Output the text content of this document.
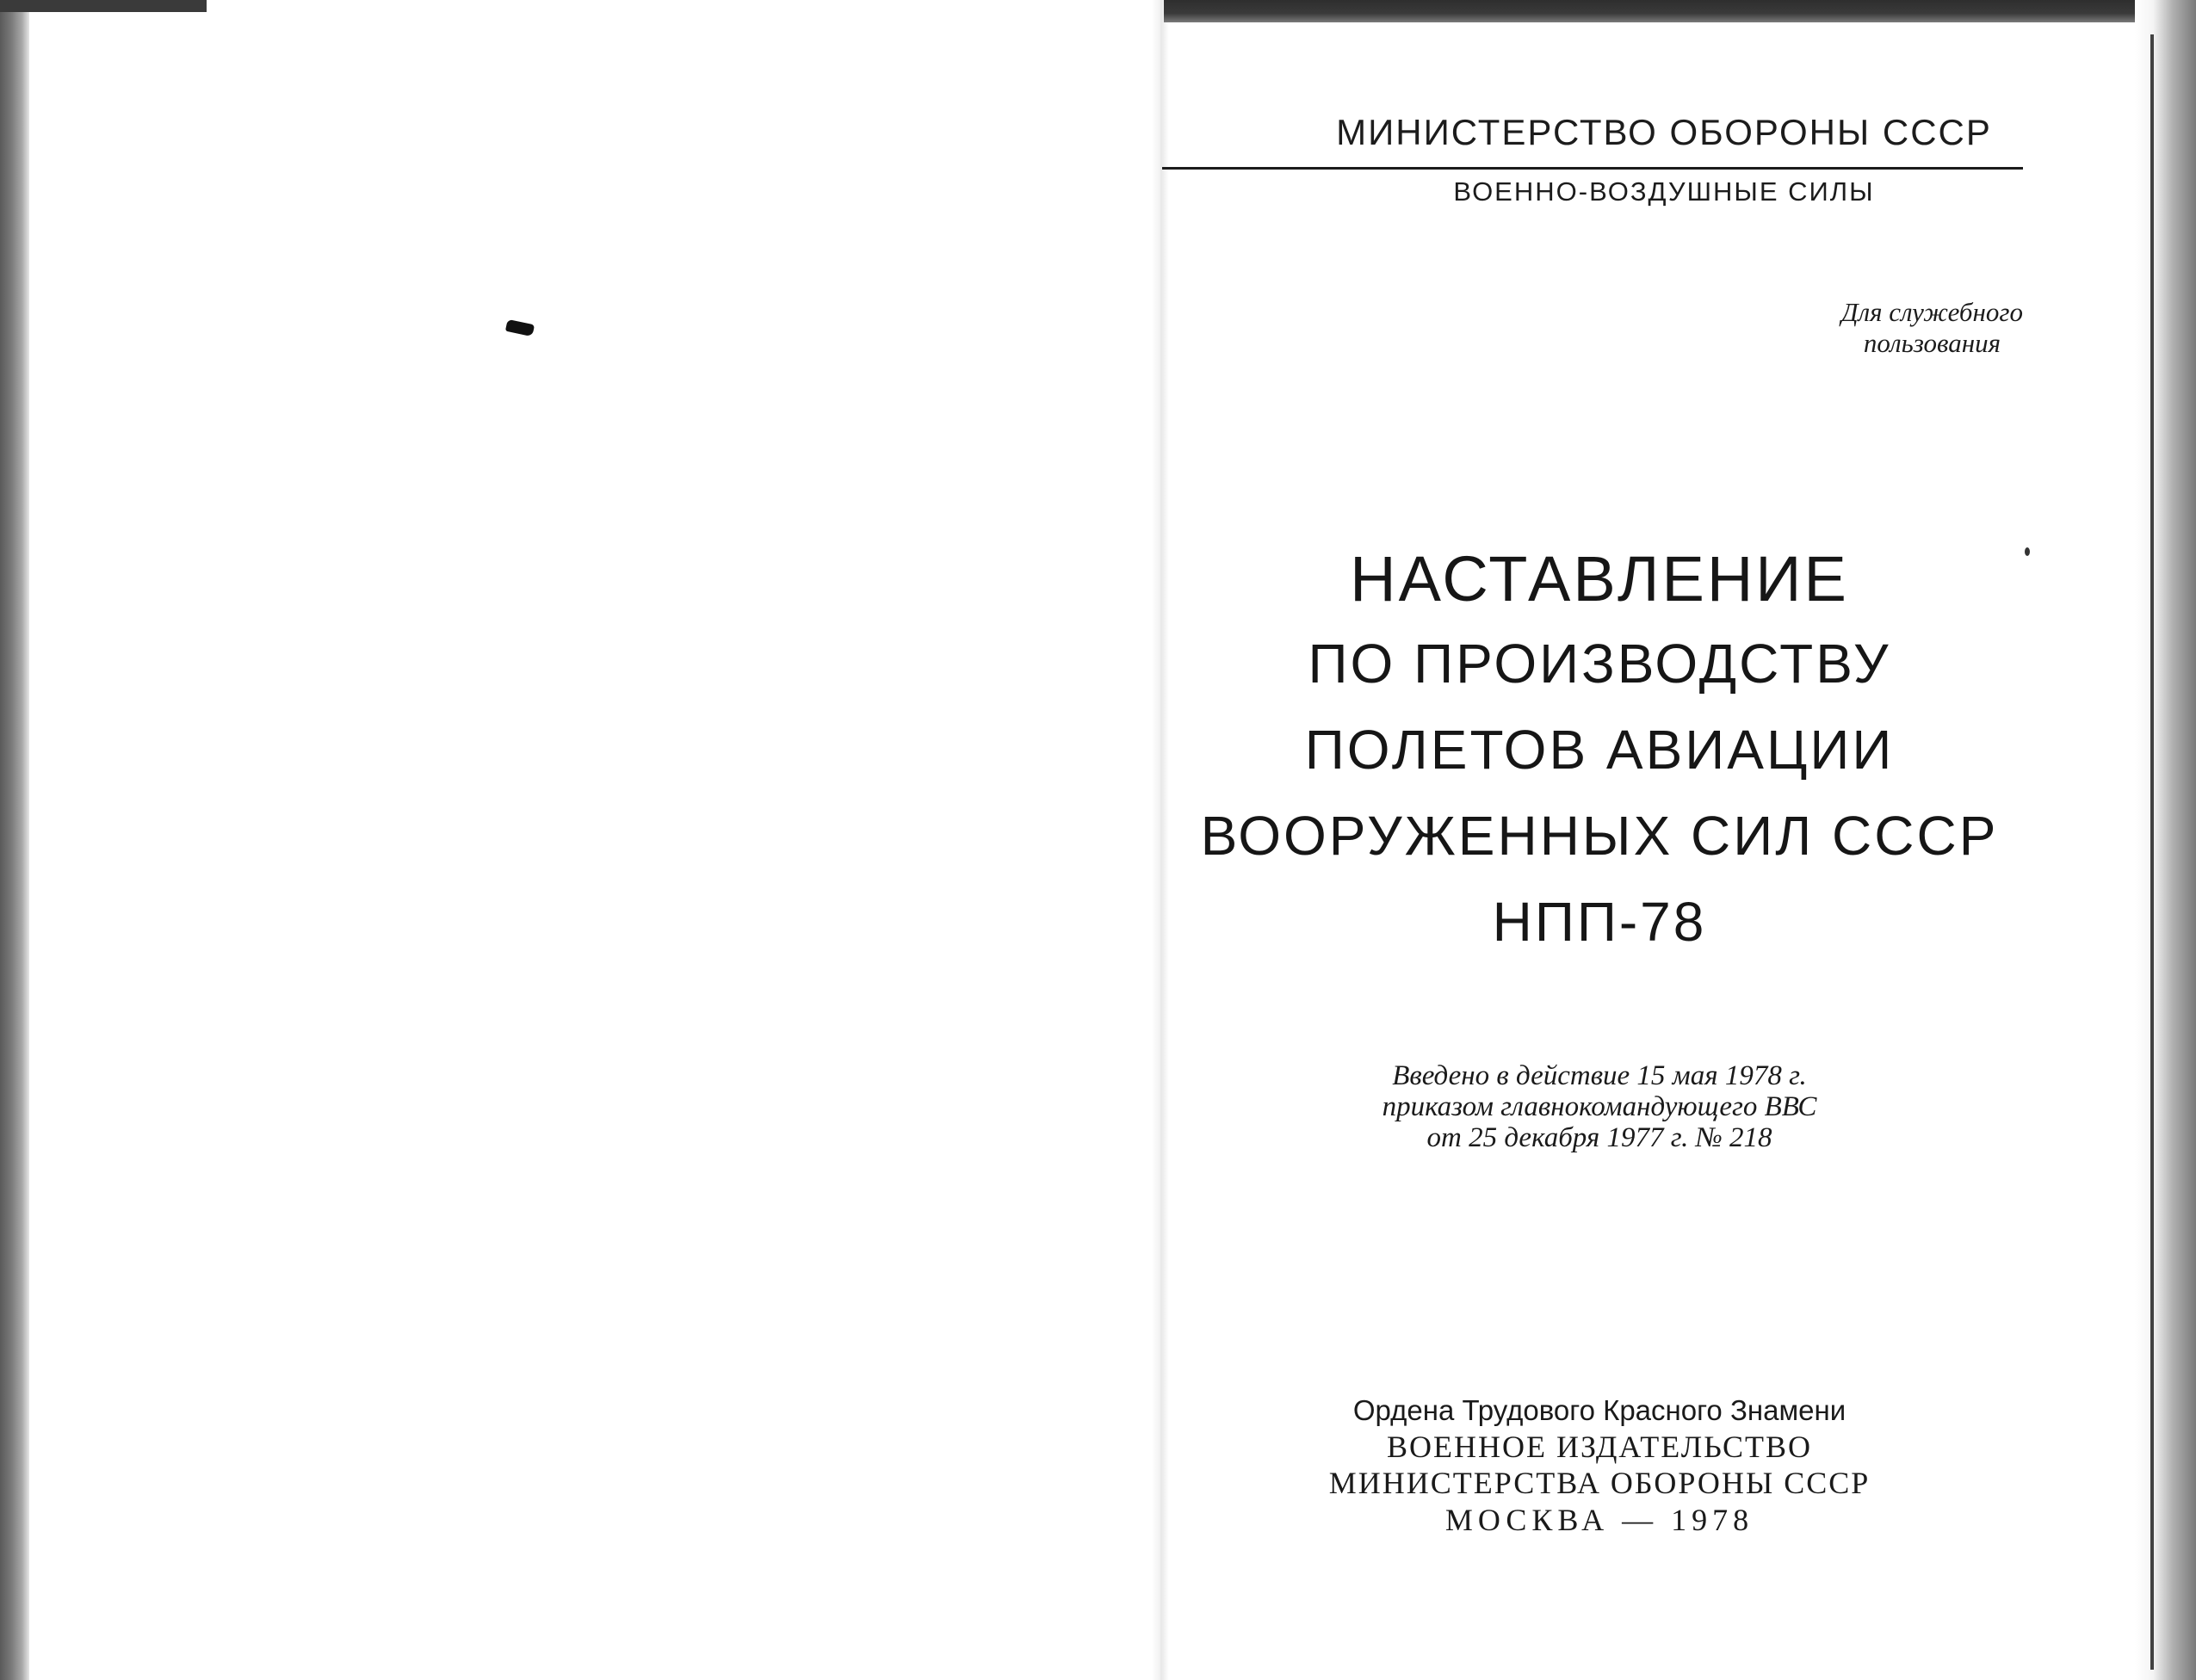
МИНИСТЕРСТВО ОБОРОНЫ СССР
ВОЕННО-ВОЗДУШНЫЕ СИЛЫ
Для служебного
пользования
НАСТАВЛЕНИЕ
ПО ПРОИЗВОДСТВУ
ПОЛЕТОВ АВИАЦИИ
ВООРУЖЕННЫХ СИЛ СССР
НПП-78
Введено в действие 15 мая 1978 г.
приказом главнокомандующего ВВС
от 25 декабря 1977 г. № 218
Ордена Трудового Красного Знамени
ВОЕННОЕ ИЗДАТЕЛЬСТВО
МИНИСТЕРСТВА ОБОРОНЫ СССР
МОСКВА — 1978
